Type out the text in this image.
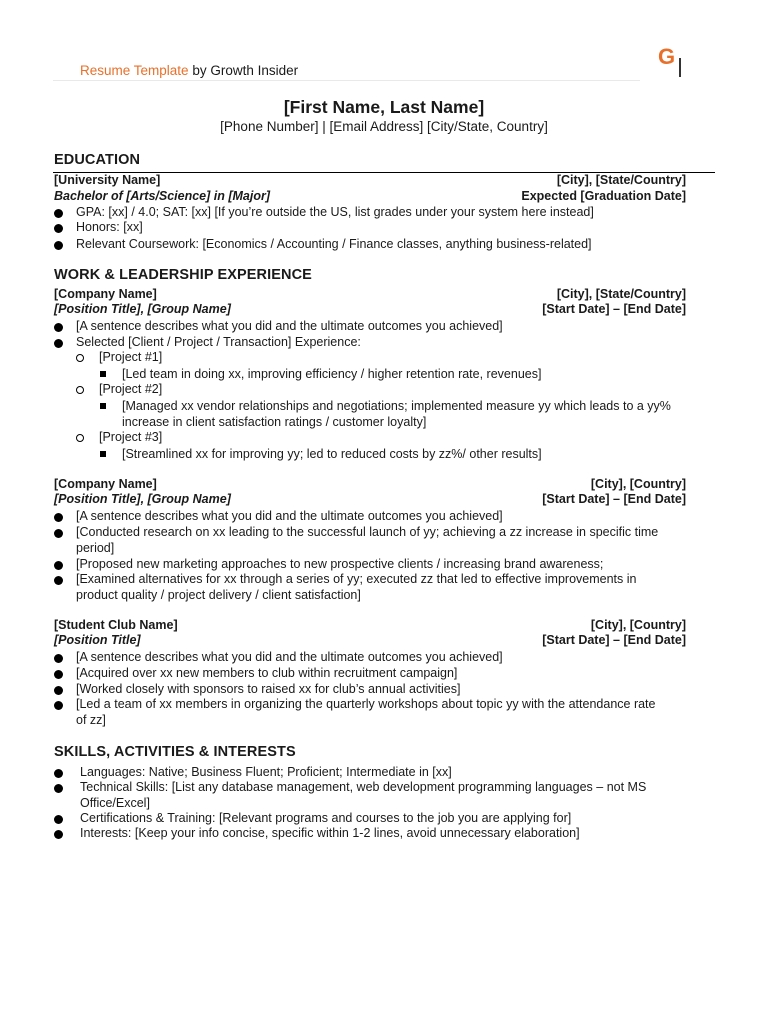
Resume Template by Growth Insider
G
[First Name, Last Name]
[Phone Number] | [Email Address] [City/State, Country]
EDUCATION
[University Name]	[City], [State/Country]
Bachelor of [Arts/Science] in [Major]	Expected [Graduation Date]
GPA: [xx] / 4.0; SAT: [xx] [If you’re outside the US, list grades under your system here instead]
Honors: [xx]
Relevant Coursework: [Economics / Accounting / Finance classes, anything business-related]
WORK & LEADERSHIP EXPERIENCE
[Company Name]	[City], [State/Country]
[Position Title], [Group Name]	[Start Date] – [End Date]
[A sentence describes what you did and the ultimate outcomes you achieved]
Selected [Client / Project / Transaction] Experience:
[Project #1]
[Led team in doing xx, improving efficiency / higher retention rate, revenues]
[Project #2]
[Managed xx vendor relationships and negotiations; implemented measure yy which leads to a yy%
increase in client satisfaction ratings / customer loyalty]
[Project #3]
[Streamlined xx for improving yy; led to reduced costs by zz%/ other results]
[Company Name]	[City], [Country]
[Position Title], [Group Name]	[Start Date] – [End Date]
[A sentence describes what you did and the ultimate outcomes you achieved]
[Conducted research on xx leading to the successful launch of yy; achieving a zz increase in specific time
period]
[Proposed new marketing approaches to new prospective clients / increasing brand awareness;
[Examined alternatives for xx through a series of yy; executed zz that led to effective improvements in
product quality / project delivery / client satisfaction]
[Student Club Name]	[City], [Country]
[Position Title]	[Start Date] – [End Date]
[A sentence describes what you did and the ultimate outcomes you achieved]
[Acquired over xx new members to club within recruitment campaign]
[Worked closely with sponsors to raised xx for club’s annual activities]
[Led a team of xx members in organizing the quarterly workshops about topic yy with the attendance rate
of zz]
SKILLS, ACTIVITIES & INTERESTS
Languages: Native; Business Fluent; Proficient; Intermediate in [xx]
Technical Skills: [List any database management, web development programming languages – not MS
Office/Excel]
Certifications & Training: [Relevant programs and courses to the job you are applying for]
Interests: [Keep your info concise, specific within 1-2 lines, avoid unnecessary elaboration]
